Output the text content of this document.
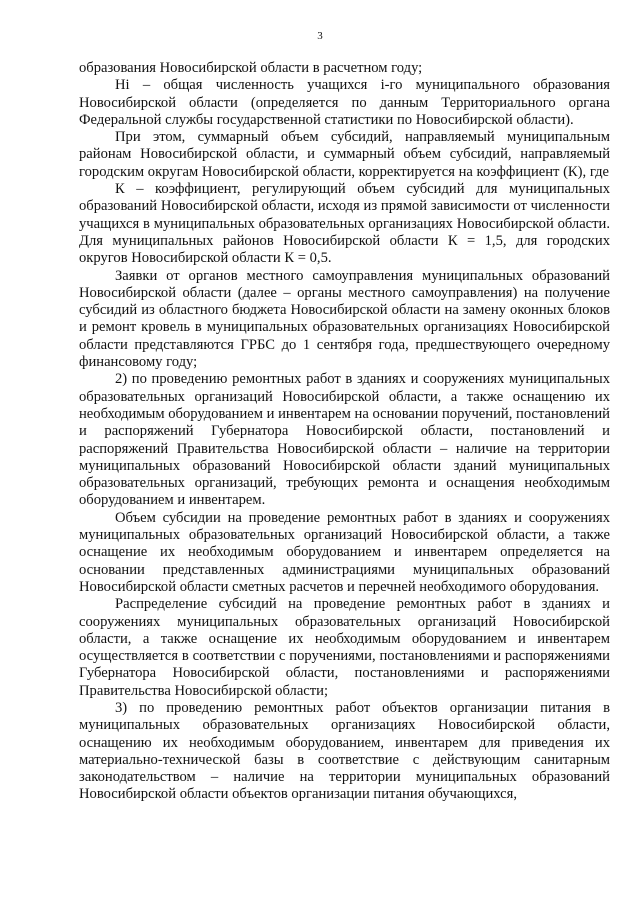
3

образования Новосибирской области в расчетном году;

Hi – общая численность учащихся i-го муниципального образования Новосибирской области (определяется по данным Территориального органа Федеральной службы государственной статистики по Новосибирской области).

При этом, суммарный объем субсидий, направляемый муниципальным районам Новосибирской области, и суммарный объем субсидий, направляемый городским округам Новосибирской области, корректируется на коэффициент (К), где

К – коэффициент, регулирующий объем субсидий для муниципальных образований Новосибирской области, исходя из прямой зависимости от численности учащихся в муниципальных образовательных организациях Новосибирской области. Для муниципальных районов Новосибирской области К = 1,5, для городских округов Новосибирской области К = 0,5.

Заявки от органов местного самоуправления муниципальных образований Новосибирской области (далее – органы местного самоуправления) на получение субсидий из областного бюджета Новосибирской области на замену оконных блоков и ремонт кровель в муниципальных образовательных организациях Новосибирской области представляются ГРБС до 1 сентября года, предшествующего очередному финансовому году;

2) по проведению ремонтных работ в зданиях и сооружениях муниципальных образовательных организаций Новосибирской области, а также оснащению их необходимым оборудованием и инвентарем на основании поручений, постановлений и распоряжений Губернатора Новосибирской области, постановлений и распоряжений Правительства Новосибирской области – наличие на территории муниципальных образований Новосибирской области зданий муниципальных образовательных организаций, требующих ремонта и оснащения необходимым оборудованием и инвентарем.

Объем субсидии на проведение ремонтных работ в зданиях и сооружениях муниципальных образовательных организаций Новосибирской области, а также оснащение их необходимым оборудованием и инвентарем определяется на основании представленных администрациями муниципальных образований Новосибирской области сметных расчетов и перечней необходимого оборудования.

Распределение субсидий на проведение ремонтных работ в зданиях и сооружениях муниципальных образовательных организаций Новосибирской области, а также оснащение их необходимым оборудованием и инвентарем осуществляется в соответствии с поручениями, постановлениями и распоряжениями Губернатора Новосибирской области, постановлениями и распоряжениями Правительства Новосибирской области;

3) по проведению ремонтных работ объектов организации питания в муниципальных образовательных организациях Новосибирской области, оснащению их необходимым оборудованием, инвентарем для приведения их материально-технической базы в соответствие с действующим санитарным законодательством – наличие на территории муниципальных образований Новосибирской области объектов организации питания обучающихся,
